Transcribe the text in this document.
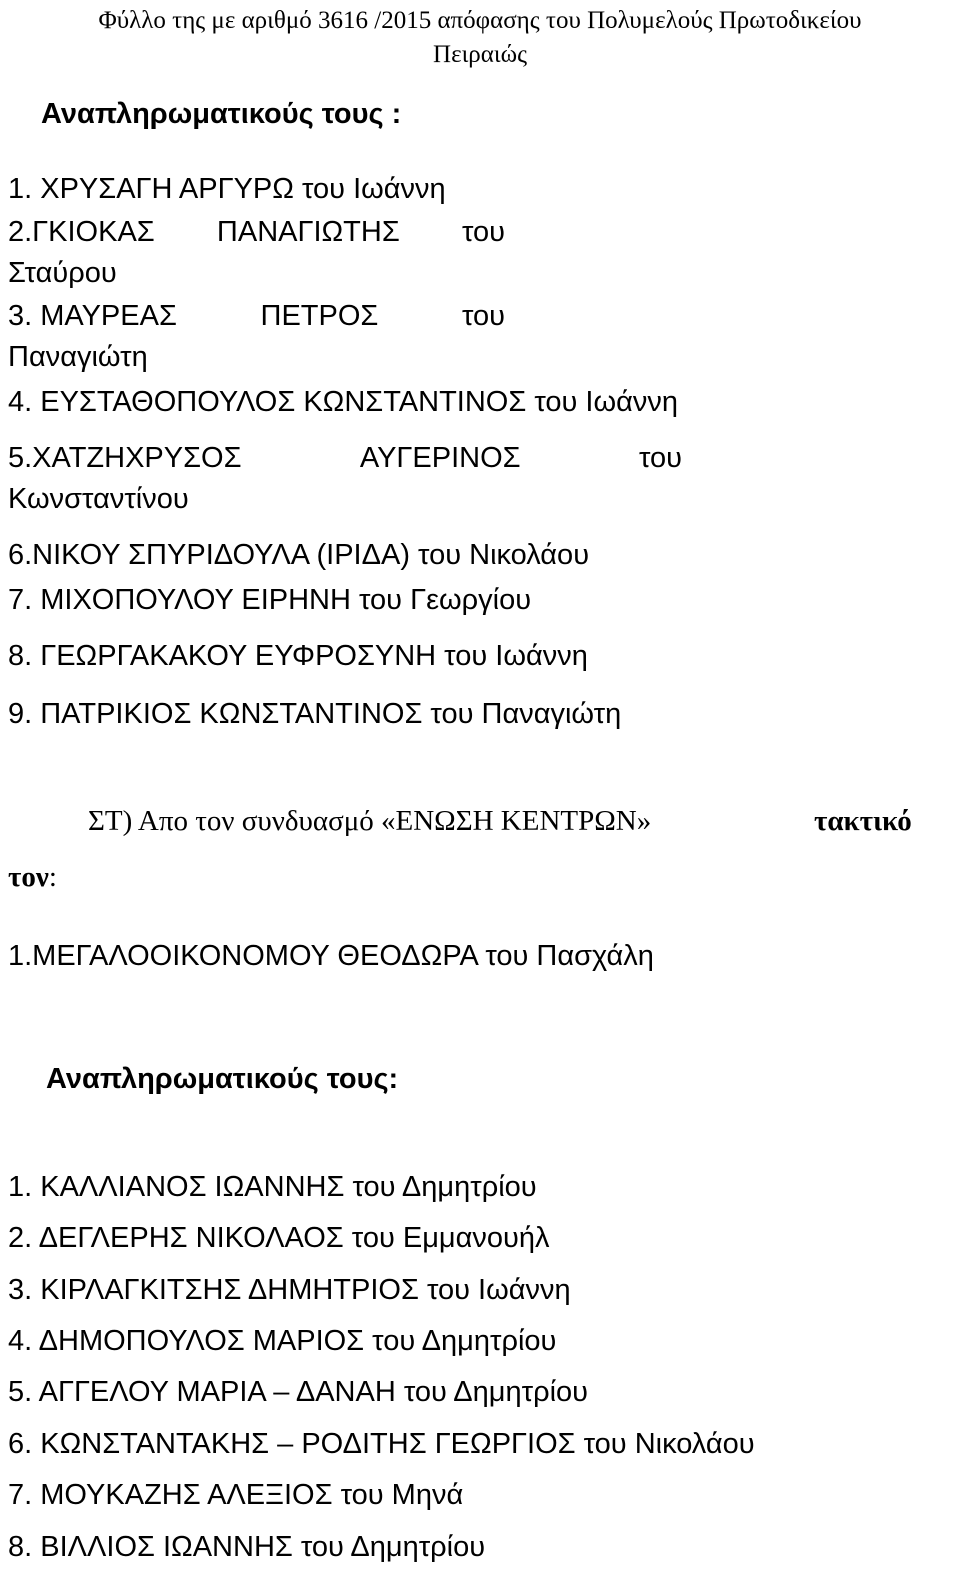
Φύλλο της με αριθμό 3616 /2015 απόφασης του Πολυμελούς Πρωτοδικείου
Πειραιώς
Αναπληρωματικούς τους :
1. ΧΡΥΣΑΓΗ ΑΡΓΥΡΩ του Ιωάννη
2.ΓΚΙΟΚΑΣ ΠΑΝΑΓΙΩΤΗΣ του
Σταύρου
3. ΜΑΥΡΕΑΣ	ΠΕΤΡΟΣ	του
Παναγιώτη
4. ΕΥΣΤΑΘΟΠΟΥΛΟΣ ΚΩΝΣΤΑΝΤΙΝΟΣ του Ιωάννη
5.ΧΑΤΖΗΧΡΥΣΟΣ	ΑΥΓΕΡΙΝΟΣ	του
Κωνσταντίνου
6.ΝΙΚΟΥ ΣΠΥΡΙΔΟΥΛΑ (ΙΡΙΔΑ) του Νικολάου
7. ΜΙΧΟΠΟΥΛΟΥ ΕΙΡΗΝΗ του Γεωργίου
8. ΓΕΩΡΓΑΚΑΚΟΥ ΕΥΦΡΟΣΥΝΗ του Ιωάννη
9. ΠΑΤΡΙΚΙΟΣ ΚΩΝΣΤΑΝΤΙΝΟΣ του Παναγιώτη
ΣΤ) Απο τον συνδυασμό «ΕΝΩΣΗ ΚΕΝΤΡΩΝ»	τακτικό
τον:
1.ΜΕΓΑΛΟΟΙΚΟΝΟΜΟΥ ΘΕΟΔΩΡΑ του Πασχάλη
Αναπληρωματικούς τους:
1. ΚΑΛΛΙΑΝΟΣ ΙΩΑΝΝΗΣ του Δημητρίου
2. ΔΕΓΛΕΡΗΣ ΝΙΚΟΛΑΟΣ του Εμμανουήλ
3. ΚΙΡΛΑΓΚΙΤΣΗΣ ΔΗΜΗΤΡΙΟΣ του Ιωάννη
4. ΔΗΜΟΠΟΥΛΟΣ ΜΑΡΙΟΣ του Δημητρίου
5. ΑΓΓΕΛΟΥ ΜΑΡΙΑ – ΔΑΝΑΗ του Δημητρίου
6. ΚΩΝΣΤΑΝΤΑΚΗΣ – ΡΟΔΙΤΗΣ ΓΕΩΡΓΙΟΣ του Νικολάου
7. ΜΟΥΚΑΖΗΣ ΑΛΕΞΙΟΣ του Μηνά
8. ΒΙΛΛΙΟΣ ΙΩΑΝΝΗΣ του Δημητρίου
